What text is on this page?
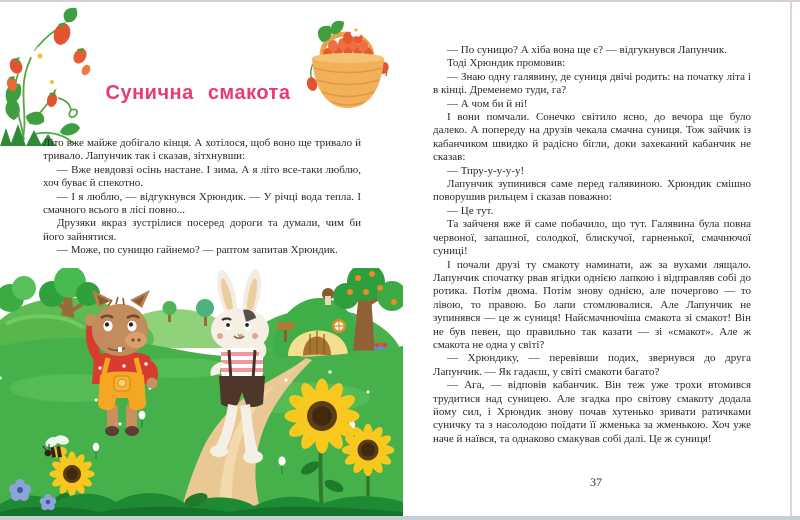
Сунична смакота

Літо вже майже добігало кінця. А хотілося, щоб воно ще тривало й тривало. Лапунчик так і сказав, зітхнувши:

— Вже невдовзі осінь настане. І зима. А я літо все-таки люблю, хоч буває й спекотно.

— І я люблю, — відгукнувся Хрюндик. — У річці вода тепла. І смачного всього в лісі повно...

Друзяки якраз зустрілися посеред дороги та думали, чим би його зайнятися.

— Може, по суницю гайнемо? — раптом запитав Хрюндик.

— По суницю? А хіба вона ще є? — відгукнувся Лапунчик.

Тоді Хрюндик промовив:

— Знаю одну галявину, де суниця двічі родить: на початку літа і в кінці. Дременемо туди, га?

— А чом би й ні!

І вони помчали. Сонечко світило ясно, до вечора ще було далеко. А попереду на друзів чекала смачна суниця. Тож зайчик із кабанчиком швидко й радісно бігли, доки захеканий кабанчик не сказав:

— Тпру-у-у-у-у!

Лапунчик зупинився саме перед галявиною. Хрюндик смішно поворушив рильцем і сказав поважно:

— Це тут.

Та зайченя вже й саме побачило, що тут. Галявина була повна червоної, запашної, солодкої, блискучої, гарненької, смачнючої суниці!

І почали друзі ту смакоту наминати, аж за вухами лящало. Лапунчик спочатку рвав ягідки однією лапкою і відправляв собі до ротика. Потім двома. Потім знову однією, але почергово — то лівою, то правою. Бо лапи стомлювалися. Але Лапунчик не зупинявся — це ж суниця! Найсмачнючіша смакота зі смакот! Він не був певен, що правильно так казати — зі «смакот». Але ж смакота не одна у світі?

— Хрюндику, — перевівши подих, звернувся до друга Лапунчик. — Як гадаєш, у світі смакоти багато?

— Ага, — відповів кабанчик. Він теж уже трохи втомився трудитися над суницею. Але згадка про світову смакоту додала йому сил, і Хрюндик знову почав хутенько зривати ратичками суничку та з насолодою поїдати її жменька за жменькою. Хоч уже наче й наївся, та однаково смакував собі далі. Це ж суниця!

37
